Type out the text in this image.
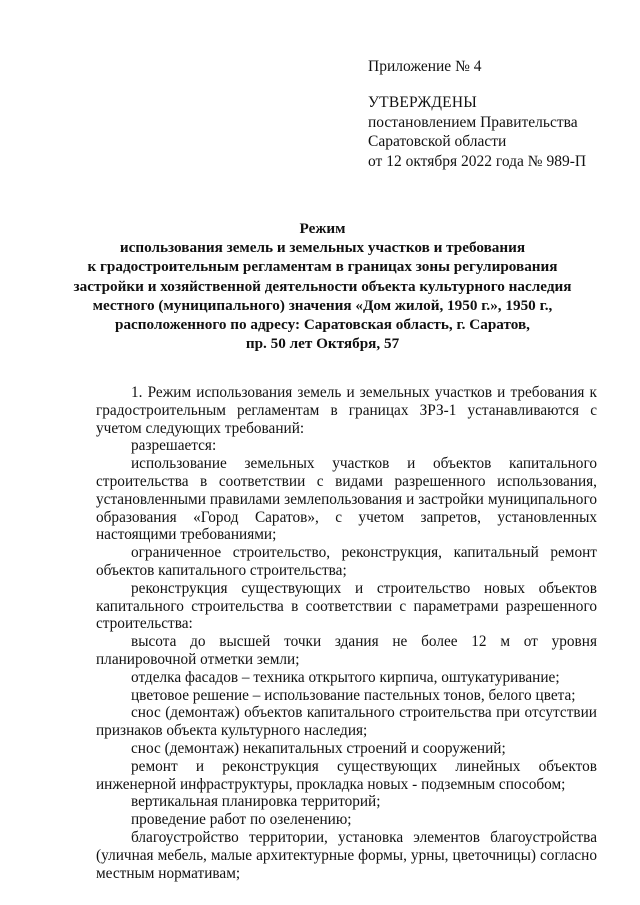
Приложение № 4
УТВЕРЖДЕНЫ
постановлением Правительства
Саратовской области
от 12 октября 2022 года № 989-П
Режим
использования земель и земельных участков и требования
к градостроительным регламентам в границах зоны регулирования
застройки и хозяйственной деятельности объекта культурного наследия
местного (муниципального) значения «Дом жилой, 1950 г.», 1950 г.,
расположенного по адресу: Саратовская область, г. Саратов,
пр. 50 лет Октября, 57

1. Режим использования земель и земельных участков и требования к градостроительным регламентам в границах ЗРЗ-1 устанавливаются с учетом следующих требований:

разрешается:

использование земельных участков и объектов капитального строительства в соответствии с видами разрешенного использования, установленными правилами землепользования и застройки муниципального образования «Город Саратов», с учетом запретов, установленных настоящими требованиями;

ограниченное строительство, реконструкция, капитальный ремонт объектов капитального строительства;

реконструкция существующих и строительство новых объектов капитального строительства в соответствии с параметрами разрешенного строительства:

высота до высшей точки здания не более 12 м от уровня планировочной отметки земли;

отделка фасадов – техника открытого кирпича, оштукатуривание;

цветовое решение – использование пастельных тонов, белого цвета;

снос (демонтаж) объектов капитального строительства при отсутствии признаков объекта культурного наследия;

снос (демонтаж) некапитальных строений и сооружений;

ремонт и реконструкция существующих линейных объектов инженерной инфраструктуры, прокладка новых - подземным способом;

вертикальная планировка территорий;

проведение работ по озеленению;

благоустройство территории, установка элементов благоустройства (уличная мебель, малые архитектурные формы, урны, цветочницы) согласно местным нормативам;
